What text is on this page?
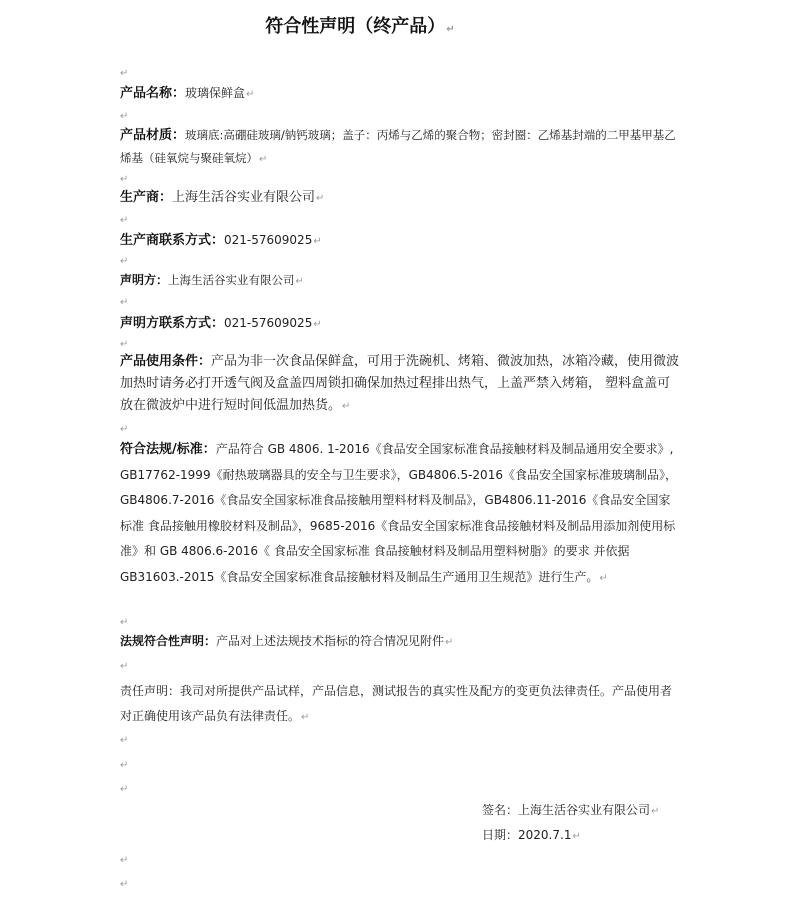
符合性声明（终产品）↵
↵
产品名称：玻璃保鲜盒↵
↵
产品材质：玻璃底:高硼硅玻璃/钠钙玻璃；盖子：丙烯与乙烯的聚合物；密封圈：乙烯基封端的二甲基甲基乙烯基（硅氧烷与聚硅氧烷）↵
↵
生产商：上海生活谷实业有限公司↵
↵
生产商联系方式：021-57609025↵
↵
声明方：上海生活谷实业有限公司↵
↵
声明方联系方式：021-57609025↵
↵
产品使用条件：产品为非一次食品保鲜盒，可用于洗碗机、烤箱、微波加热，冰箱冷藏，使用微波加热时请务必打开透气阀及盒盖四周锁扣确保加热过程排出热气，上盖严禁入烤箱， 塑料盒盖可放在微波炉中进行短时间低温加热货。↵
↵
符合法规/标准：产品符合 GB 4806. 1-2016《食品安全国家标准食品接触材料及制品通用安全要求》, GB17762-1999《耐热玻璃器具的安全与卫生要求》，GB4806.5-2016《食品安全国家标准玻璃制品》，GB4806.7-2016《食品安全国家标准食品接触用塑料材料及制品》，GB4806.11-2016《食品安全国家标准 食品接触用橡胶材料及制品》，9685-2016《食品安全国家标准食品接触材料及制品用添加剂使用标准》和 GB 4806.6-2016《 食品安全国家标准 食品接触材料及制品用塑料树脂》的要求 并依据GB31603.-2015《食品安全国家标准食品接触材料及制品生产通用卫生规范》进行生产。↵
↵
法规符合性声明：产品对上述法规技术指标的符合情况见附件↵
↵
责任声明：我司对所提供产品试样，产品信息，测试报告的真实性及配方的变更负法律责任。产品使用者对正确使用该产品负有法律责任。↵
↵
↵
↵
签名：上海生活谷实业有限公司↵
日期：2020.7.1↵
↵
↵
